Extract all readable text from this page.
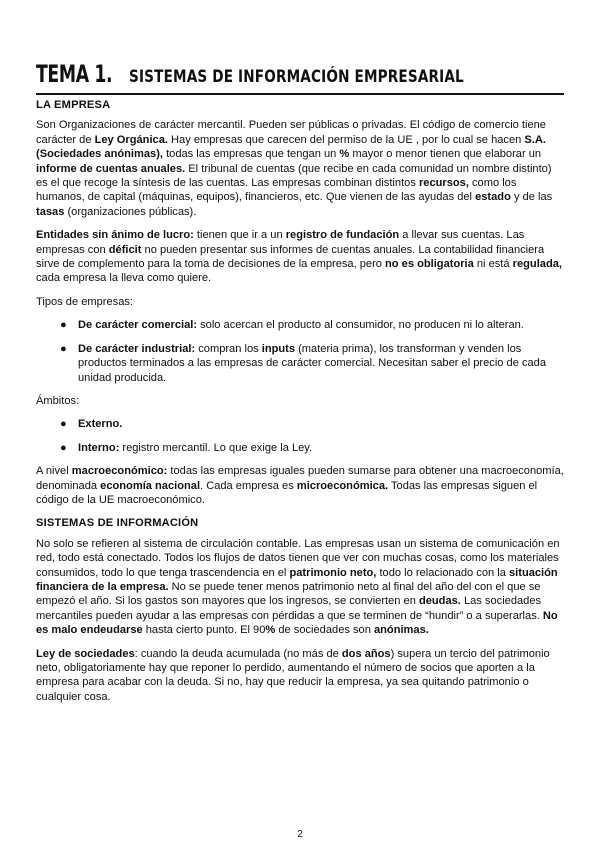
TEMA 1. SISTEMAS DE INFORMACIÓN EMPRESARIAL
LA EMPRESA

Son Organizaciones de carácter mercantil. Pueden ser públicas o privadas. El código de comercio tiene carácter de Ley Orgánica. Hay empresas que carecen del permiso de la UE , por lo cual se hacen S.A. (Sociedades anónimas), todas las empresas que tengan un % mayor o menor tienen que elaborar un informe de cuentas anuales. El tribunal de cuentas (que recibe en cada comunidad un nombre distinto) es el que recoge la síntesis de las cuentas. Las empresas combinan distintos recursos, como los humanos, de capital (máquinas, equipos), financieros, etc. Que vienen de las ayudas del estado y de las tasas (organizaciones públicas).

Entidades sin ánimo de lucro: tienen que ir a un registro de fundación a llevar sus cuentas. Las empresas con déficit no pueden presentar sus informes de cuentas anuales. La contabilidad financiera sirve de complemento para la toma de decisiones de la empresa, pero no es obligatoria ni está regulada, cada empresa la lleva como quiere.

Tipos de empresas:

● De carácter comercial: solo acercan el producto al consumidor, no producen ni lo alteran.
● De carácter industrial: compran los inputs (materia prima), los transforman y venden los productos terminados a las empresas de carácter comercial. Necesitan saber el precio de cada unidad producida.

Ámbitos:

● Externo.
● Interno: registro mercantil. Lo que exige la Ley.

A nivel macroeconómico: todas las empresas iguales pueden sumarse para obtener una macroeconomía, denominada economía nacional. Cada empresa es microeconómica. Todas las empresas siguen el código de la UE macroeconómico.

SISTEMAS DE INFORMACIÓN

No solo se refieren al sistema de circulación contable. Las empresas usan un sistema de comunicación en red, todo está conectado. Todos los flujos de datos tienen que ver con muchas cosas, como los materiales consumidos, todo lo que tenga trascendencia en el patrimonio neto, todo lo relacionado con la situación financiera de la empresa. No se puede tener menos patrimonio neto al final del año del con el que se empezó el año. Si los gastos son mayores que los ingresos, se convierten en deudas. Las sociedades mercantiles pueden ayudar a las empresas con pérdidas a que se terminen de “hundir” o a superarlas. No es malo endeudarse hasta cierto punto. El 90% de sociedades son anónimas.

Ley de sociedades: cuando la deuda acumulada (no más de dos años) supera un tercio del patrimonio neto, obligatoriamente hay que reponer lo perdido, aumentando el número de socios que aporten a la empresa para acabar con la deuda. Si no, hay que reducir la empresa, ya sea quitando patrimonio o cualquier cosa.

2
